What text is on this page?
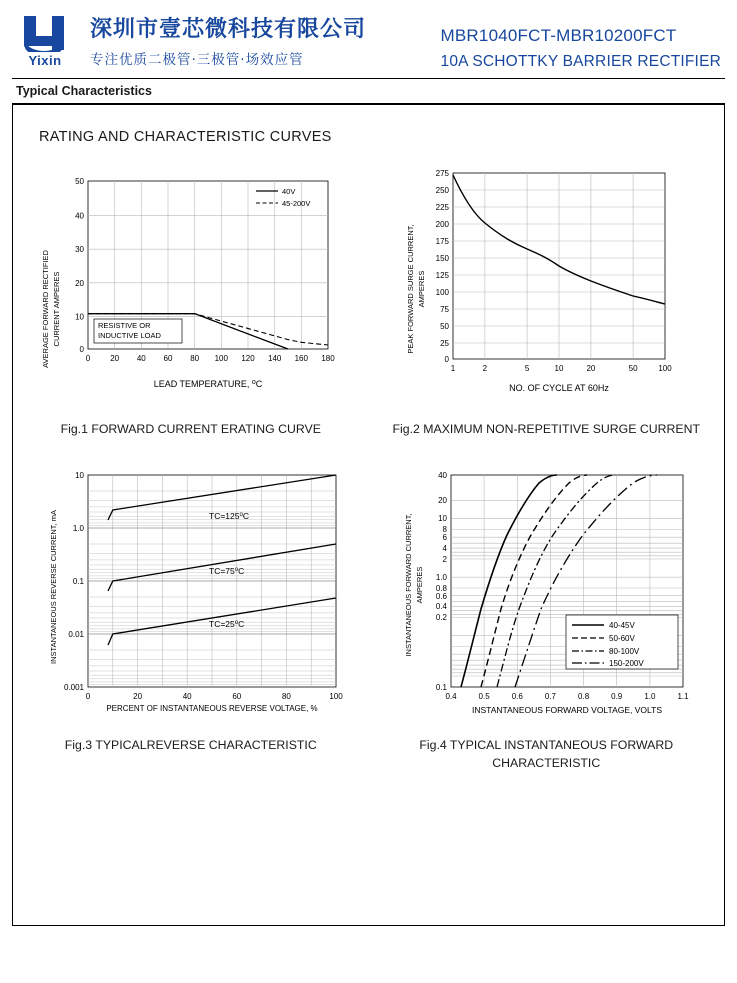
Yixin
深圳市壹芯微科技有限公司
专注优质二极管·三极管·场效应管
MBR1040FCT-MBR10200FCT
10A SCHOTTKY BARRIER RECTIFIER
Typical Characteristics
RATING AND CHARACTERISTIC CURVES
AVERAGE FORWARD RECTIFIED CURRENT AMPERES
50
40
30
20
10
0
0	20 40 60 80 100 120 140 160 180
RESISTIVE OR
INDUCTIVE LOAD
40V
45-200V
LEAD TEMPERATURE, $^o$C
Fig.1 FORWARD CURRENT ERATING CURVE
PEAK FORWARD SURGE CURRENT, AMPERES
275
250
225
200
175
150
125
100
75
50
25
0
1	2	5	10	20	50	100
NO. OF CYCLE AT 60Hz
Fig.2 MAXIMUM NON-REPETITIVE SURGE CURRENT
INSTANTANEOUS REVERSE CURRENT, mA
10
1.0
0.1
0.01
0.001
0	20	40	60	80	100
$TC=125^oC$
$TC=75^oC$
$TC=25^oC$
PERCENT OF INSTANTANEOUS REVERSE VOLTAGE, %
Fig.3 TYPICALREVERSE CHARACTERISTIC
INSTANTANEOUS FORWARD CURRENT, AMPERES
40
20
10
8
6
4
2
1.0
0.8
0.6
0.4
0.2
0.1
0.4	0.5	0.6	0.7	0.8	0.9	1.0	1.1
40-45V
50-60V
80-100V
150-200V
INSTANTANEOUS FORWARD VOLTAGE, VOLTS
Fig.4 TYPICAL INSTANTANEOUS FORWARD CHARACTERISTIC
